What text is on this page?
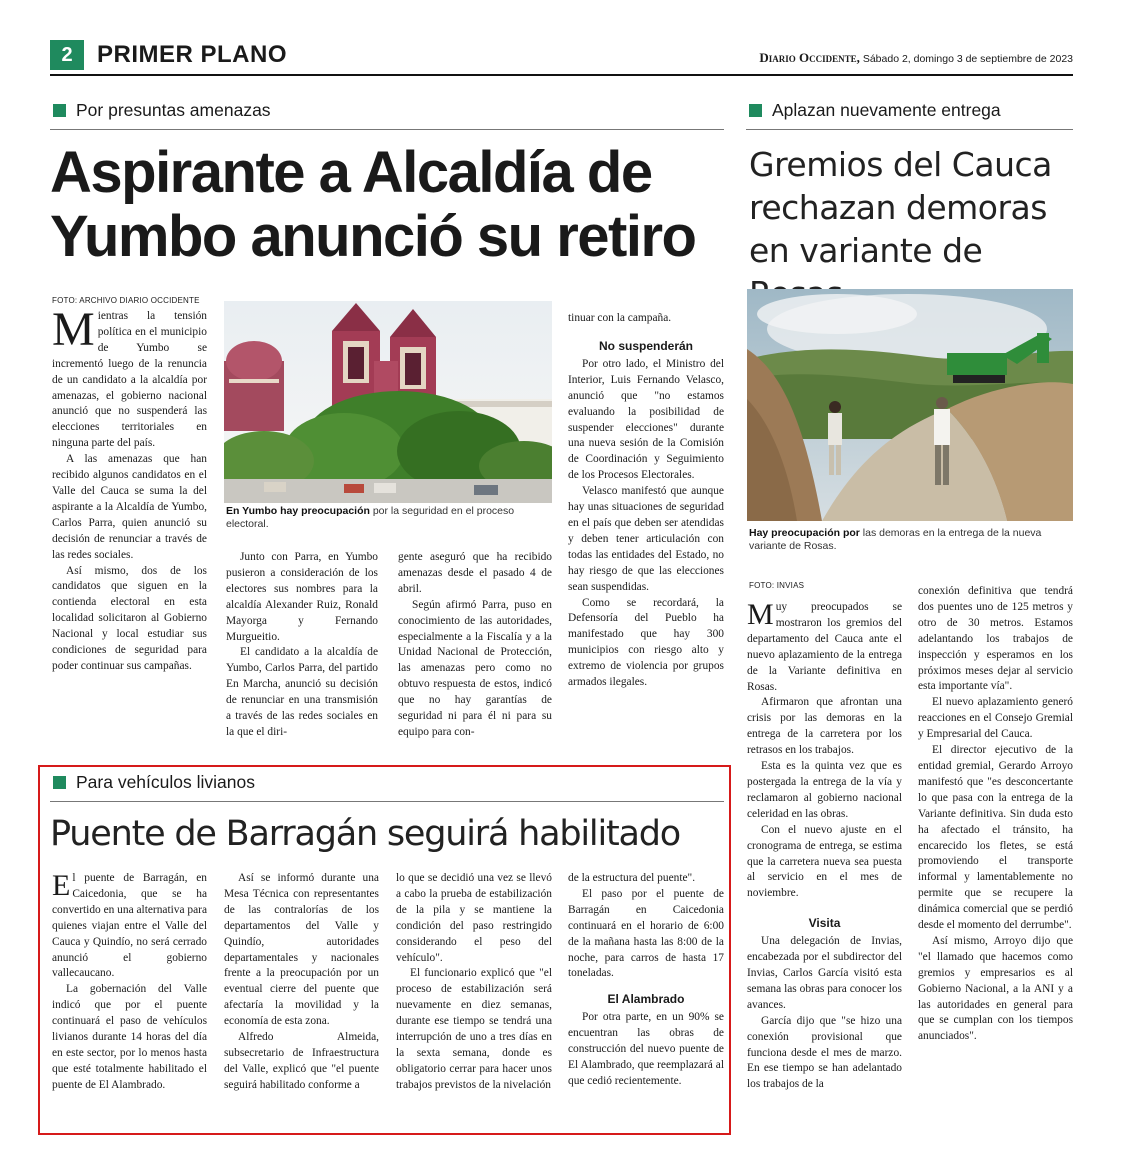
2	PRIMER PLANO	Diario Occidente, Sábado 2, domingo 3 de septiembre de 2023
Por presuntas amenazas
Aspirante a Alcaldía de
Yumbo anunció su retiro
FOTO: ARCHIVO DIARIO OCCIDENTE
En Yumbo hay preocupación por la seguridad en el proceso electoral.

Mientras la tensión política en el municipio de Yumbo se incrementó luego de la renuncia de un candidato a la alcaldía por amenazas, el gobierno nacional anunció que no suspenderá las elecciones territoriales en ninguna parte del país.

A las amenazas que han recibido algunos candidatos en el Valle del Cauca se suma la del aspirante a la Alcaldía de Yumbo, Carlos Parra, quien anunció su decisión de renunciar a través de las redes sociales.

Así mismo, dos de los candidatos que siguen en la contienda electoral en esta localidad solicitaron al Gobierno Nacional y local estudiar sus condiciones de seguridad para poder continuar sus campañas.

Junto con Parra, en Yumbo pusieron a consideración de los electores sus nombres para la alcaldía Alexander Ruiz, Ronald Mayorga y Fernando Murgueitio.

El candidato a la alcaldía de Yumbo, Carlos Parra, del partido En Marcha, anunció su decisión de renunciar en una transmisión a través de las redes sociales en la que el diri-

gente aseguró que ha recibido amenazas desde el pasado 4 de abril.

Según afirmó Parra, puso en conocimiento de las autoridades, especialmente a la Fiscalía y a la Unidad Nacional de Protección, las amenazas pero como no obtuvo respuesta de estos, indicó que no hay garantías de seguridad ni para él ni para su equipo para con-

tinuar con la campaña.

No suspenderán

Por otro lado, el Ministro del Interior, Luis Fernando Velasco, anunció que "no estamos evaluando la posibilidad de suspender elecciones" durante una nueva sesión de la Comisión de Coordinación y Seguimiento de los Procesos Electorales.

Velasco manifestó que aunque hay unas situaciones de seguridad en el país que deben ser atendidas y deben tener articulación con todas las entidades del Estado, no hay riesgo de que las elecciones sean suspendidas.

Como se recordará, la Defensoría del Pueblo ha manifestado que hay 300 municipios con riesgo alto y extremo de violencia por grupos armados ilegales.

Aplazan nuevamente entrega
Gremios del Cauca
rechazan demoras
en variante de
Hay preocupación por las demoras en la entrega de la nueva variante de Rosas.
FOTO: INVIAS

Muy preocupados se mostraron los gremios del departamento del Cauca ante el nuevo aplazamiento de la entrega de la Variante definitiva en Rosas.

Afirmaron que afrontan una crisis por las demoras en la entrega de la carretera por los retrasos en los trabajos.

Esta es la quinta vez que es postergada la entrega de la vía y reclamaron al gobierno nacional celeridad en las obras.

Con el nuevo ajuste en el cronograma de entrega, se estima que la carretera nueva sea puesta al servicio en el mes de noviembre.

Visita

Una delegación de Invias, encabezada por el subdirector del Invias, Carlos García visitó esta semana las obras para conocer los avances.

García dijo que "se hizo una conexión provisional que funciona desde el mes de marzo. En ese tiempo se han adelantado los trabajos de la

conexión definitiva que tendrá dos puentes uno de 125 metros y otro de 30 metros. Estamos adelantando los trabajos de inspección y esperamos en los próximos meses dejar al servicio esta importante vía".

El nuevo aplazamiento generó reacciones en el Consejo Gremial y Empresarial del Cauca.

El director ejecutivo de la entidad gremial, Gerardo Arroyo manifestó que "es desconcertante lo que pasa con la entrega de la Variante definitiva. Sin duda esto ha afectado el tránsito, ha encarecido los fletes, se está promoviendo el transporte informal y lamentablemente no permite que se recupere la dinámica comercial que se perdió desde el momento del derrumbe".

Así mismo, Arroyo dijo que "el llamado que hacemos como gremios y empresarios es al Gobierno Nacional, a la ANI y a las autoridades en general para que se cumplan con los tiempos anunciados".

Para vehículos livianos
Puente de Barragán seguirá habilitado

El puente de Barragán, en Caicedonia, que se ha convertido en una alternativa para quienes viajan entre el Valle del Cauca y Quindío, no será cerrado anunció el gobierno vallecaucano.

La gobernación del Valle indicó que por el puente continuará el paso de vehículos livianos durante 14 horas del día en este sector, por lo menos hasta que esté totalmente habilitado el puente de El Alambrado.

Así se informó durante una Mesa Técnica con representantes de las contralorías de los departamentos del Valle y Quindío, autoridades departamentales y nacionales frente a la preocupación por un eventual cierre del puente que afectaría la movilidad y la economía de esta zona.

Alfredo Almeida, subsecretario de Infraestructura del Valle, explicó que "el puente seguirá habilitado conforme a

lo que se decidió una vez se llevó a cabo la prueba de estabilización de la pila y se mantiene la condición del paso restringido considerando el peso del vehículo".

El funcionario explicó que "el proceso de estabilización será nuevamente en diez semanas, durante ese tiempo se tendrá una interrupción de uno a tres días en la sexta semana, donde es obligatorio cerrar para hacer unos trabajos previstos de la nivelación

de la estructura del puente".

El paso por el puente de Barragán en Caicedonia continuará en el horario de 6:00 de la mañana hasta las 8:00 de la noche, para carros de hasta 17 toneladas.

El Alambrado

Por otra parte, en un 90% se encuentran las obras de construcción del nuevo puente de El Alambrado, que reemplazará al que cedió recientemente.
